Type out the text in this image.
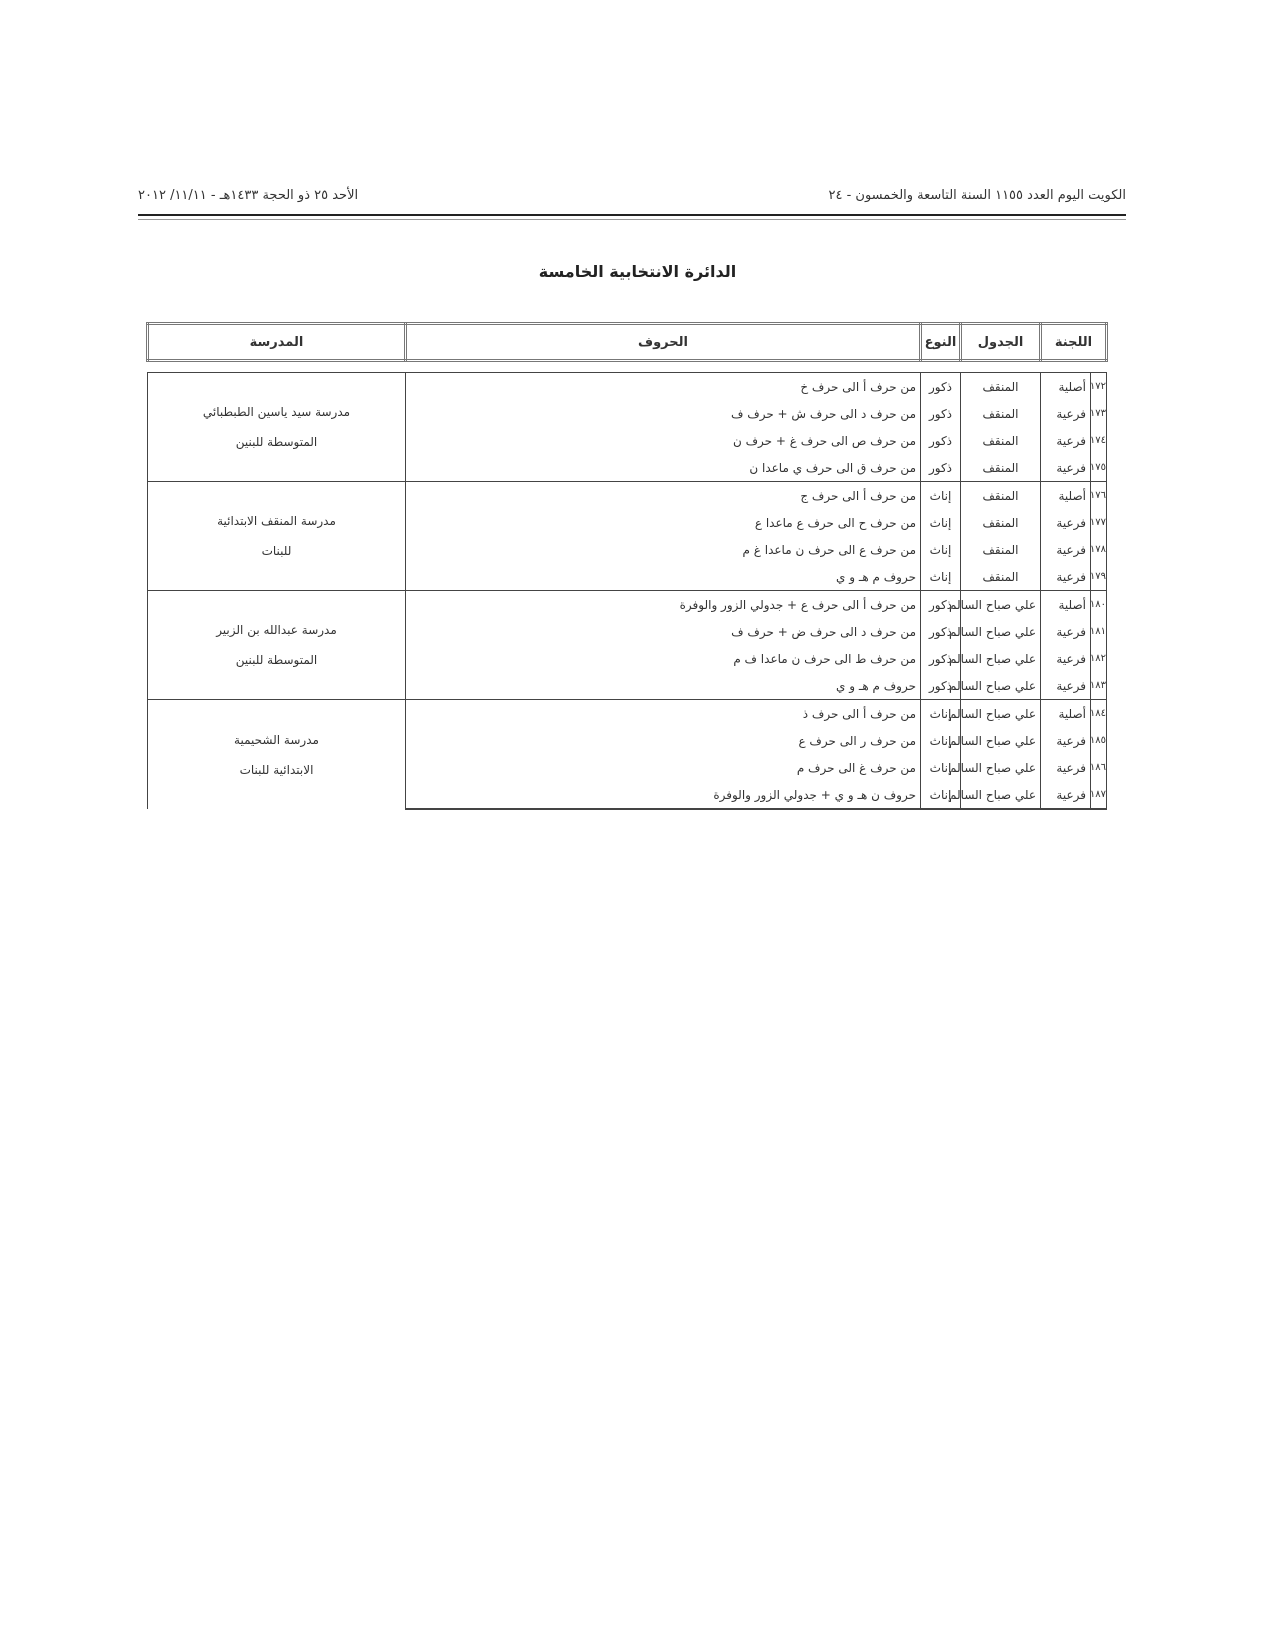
الكويت اليوم العدد ١١٥٥ السنة التاسعة والخمسون - ٢٤
الأحد ٢٥ ذو الحجة ١٤٣٣هـ - ١١/١١/ ٢٠١٢
الدائرة الانتخابية الخامسة
اللجنة		الجدول	النوع	الحروف	المدرسة

١٧٢	أصلية	المنقف	ذكور	من حرف أ الى حرف خ	مدرسة سيد ياسين الطبطبائي
المتوسطة للبنين

١٧٣	فرعية	المنقف	ذكور	من حرف د الى حرف ش + حرف ف	
١٧٤	فرعية	المنقف	ذكور	من حرف ص الى حرف غ + حرف ن	
١٧٥	فرعية	المنقف	ذكور	من حرف ق الى حرف ي ماعدا ن	
١٧٦	أصلية	المنقف	إناث	من حرف أ الى حرف ج	مدرسة المنقف الابتدائية
للبنات

١٧٧	فرعية	المنقف	إناث	من حرف ح الى حرف ع ماعدا ع	
١٧٨	فرعية	المنقف	إناث	من حرف ع الى حرف ن ماعدا غ م	
١٧٩	فرعية	المنقف	إناث	حروف م هـ و ي	
١٨٠	أصلية	علي صباح السالم	ذكور	من حرف أ الى حرف ع + جدولي الزور والوفرة	مدرسة عبدالله بن الزبير
المتوسطة للبنين

١٨١	فرعية	علي صباح السالم	ذكور	من حرف د الى حرف ض + حرف ف	
١٨٢	فرعية	علي صباح السالم	ذكور	من حرف ط الى حرف ن ماعدا ف م	
١٨٣	فرعية	علي صباح السالم	ذكور	حروف م هـ و ي	
١٨٤	أصلية	علي صباح السالم	إناث	من حرف أ الى حرف ذ	مدرسة الشحيمية
الابتدائية للبنات

١٨٥	فرعية	علي صباح السالم	إناث	من حرف ر الى حرف ع	
١٨٦	فرعية	علي صباح السالم	إناث	من حرف غ الى حرف م	
١٨٧	فرعية	علي صباح السالم	إناث	حروف ن هـ و ي + جدولي الزور والوفرة	
